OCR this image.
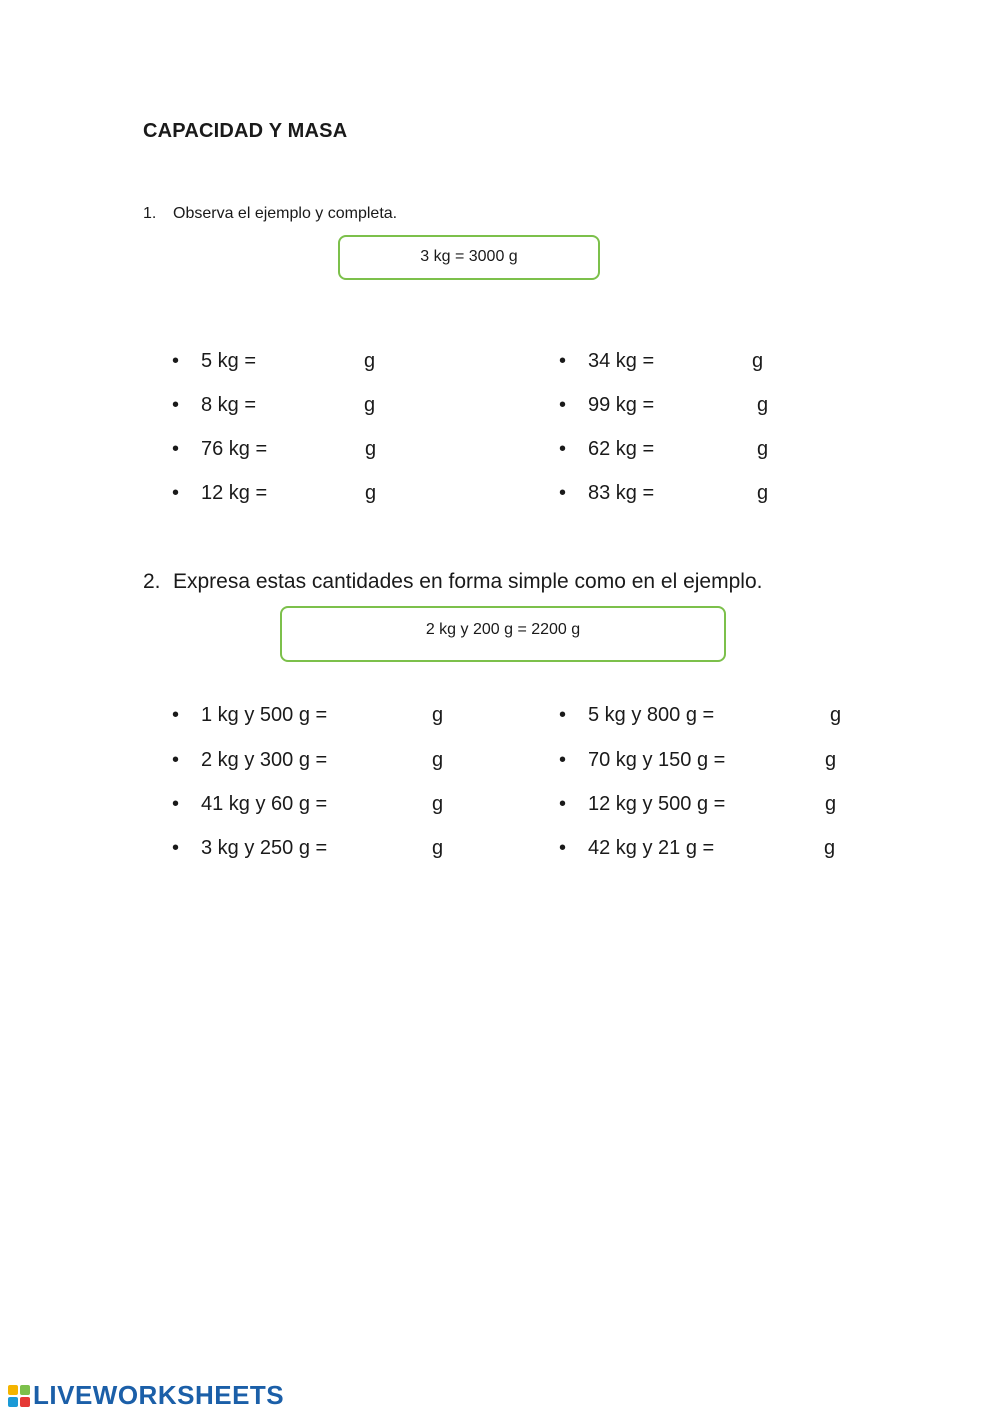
CAPACIDAD Y MASA
1. Observa el ejemplo y completa.
3 kg = 3000 g
• 5 kg =	g
• 8 kg =	g
• 76 kg =	g
• 12 kg =	g
• 34 kg =	g
• 99 kg =	g
• 62 kg =	g
• 83 kg =	g
2. Expresa estas cantidades en forma simple como en el ejemplo.
2 kg y 200 g = 2200 g
• 1 kg y 500 g =	g
• 2 kg y 300 g =	g
• 41 kg y 60 g =	g
• 3 kg y 250 g =	g
• 5 kg y 800 g =	g
• 70 kg y 150 g =	g
• 12 kg y 500 g =	g
• 42 kg y 21 g =	g
LIVEWORKSHEETS
